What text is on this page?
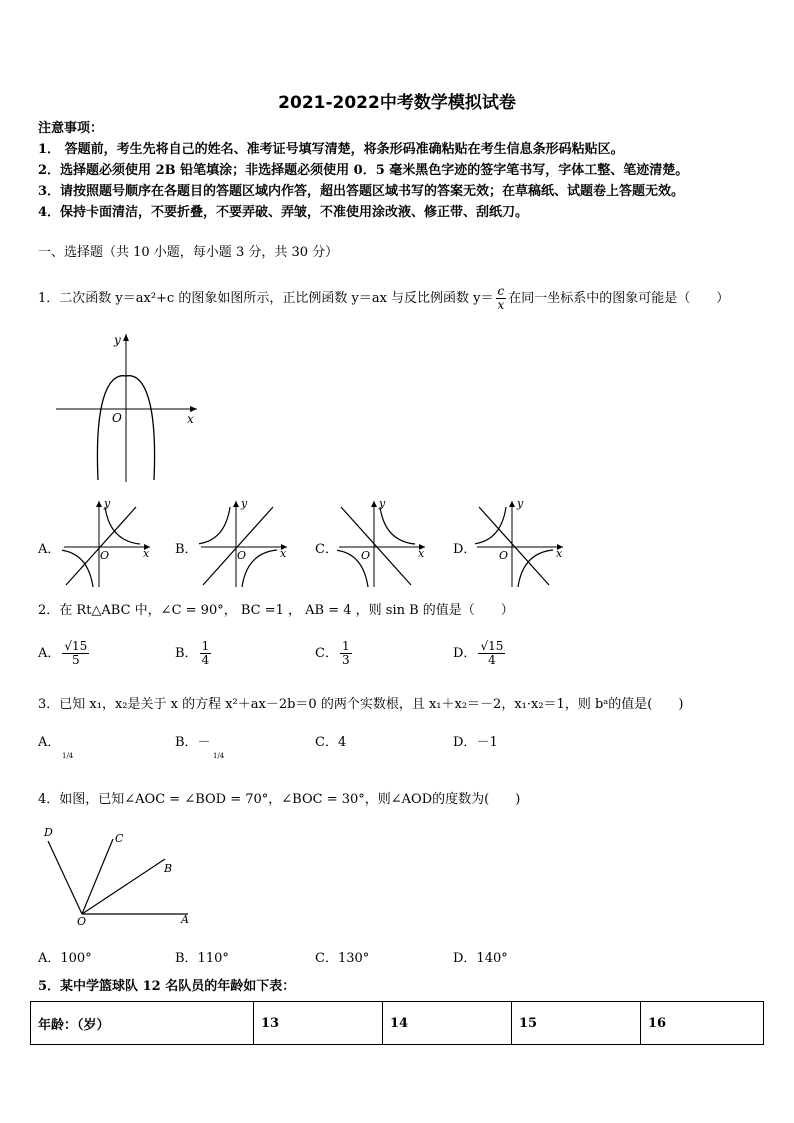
2021-2022中考数学模拟试卷
注意事项：
1． 答题前，考生先将自己的姓名、准考证号填写清楚，将条形码准确粘贴在考生信息条形码粘贴区。
2．选择题必须使用 2B 铅笔填涂；非选择题必须使用 0．5 毫米黑色字迹的签字笔书写，字体工整、笔迹清楚。
3．请按照题号顺序在各题目的答题区域内作答，超出答题区域书写的答案无效；在草稿纸、试题卷上答题无效。
4．保持卡面清洁，不要折叠，不要弄破、弄皱，不准使用涂改液、修正带、刮纸刀。
一、选择题（共 10 小题，每小题 3 分，共 30 分）
1．二次函数 y＝ax²+c 的图象如图所示，正比例函数 y＝ax 与反比例函数 $y= \frac{c}{x}$ 在同一坐标系中的图象可能是（　　）
y
x
O
A．
y
x
O	B．
y
x
O	C．
y
x
O	D．
y
x
O
2．在 Rt△ABC 中，∠C = 90°， BC =1 ， AB = 4 ，则 sin B 的值是（　　）
A． $\frac{√15}{5}$	B． $\frac{1}{4}$	C． $\frac{1}{3}$	D． $\frac{√15}{4}$
3．已知 x₁，x₂是关于 x 的方程 x²＋ax－2b＝0 的两个实数根，且 x₁＋x₂＝－2，x₁·x₂＝1，则 bᵃ的值是(　　)
A．
1/4
B．－
1/4
C．4	D．－1
4．如图，已知∠AOC = ∠BOD = 70°，∠BOC = 30°，则∠AOD的度数为(　　)
D	C
B
A
O
A．100°	B．110°	C．130°	D．140°
5．某中学篮球队 12 名队员的年龄如下表：
年龄：（岁）	13	14	15	16
